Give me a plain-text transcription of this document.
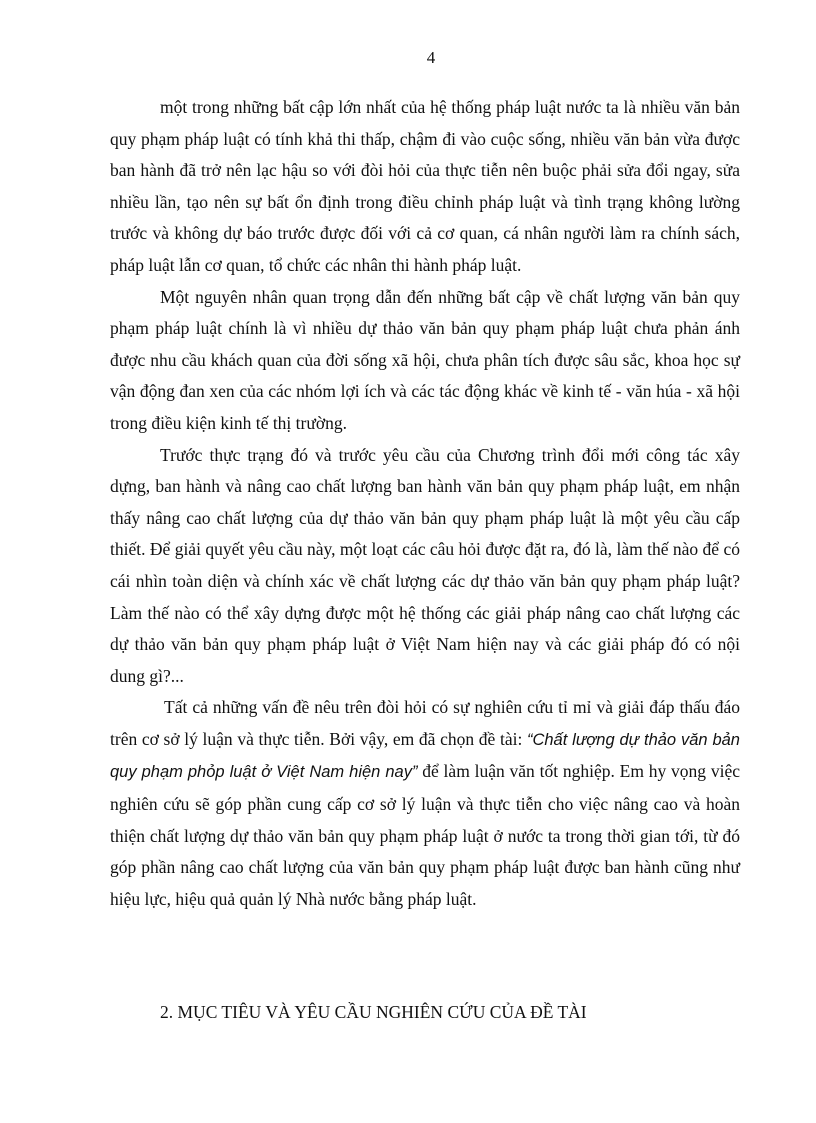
4

một trong những bất cập lớn nhất của hệ thống pháp luật nước ta là nhiều văn bản quy phạm pháp luật có tính khả thi thấp, chậm đi vào cuộc sống, nhiều văn bản vừa được ban hành đã trở nên lạc hậu so với đòi hỏi của thực tiễn nên buộc phải sửa đổi ngay, sửa nhiều lần, tạo nên sự bất ổn định trong điều chỉnh pháp luật và tình trạng không lường trước và không dự báo trước được đối với cả cơ quan, cá nhân người làm ra chính sách, pháp luật lẫn cơ quan, tổ chức các nhân thi hành pháp luật.

Một nguyên nhân quan trọng dẫn đến những bất cập về chất lượng văn bản quy phạm pháp luật chính là vì nhiều dự thảo văn bản quy phạm pháp luật chưa phản ánh được nhu cầu khách quan của đời sống xã hội, chưa phân tích được sâu sắc, khoa học sự vận động đan xen của các nhóm lợi ích và các tác động khác về kinh tế - văn húa - xã hội trong điều kiện kinh tế thị trường.

Trước thực trạng đó và trước yêu cầu của Chương trình đổi mới công tác xây dựng, ban hành và nâng cao chất lượng ban hành văn bản quy phạm pháp luật, em nhận thấy nâng cao chất lượng của dự thảo văn bản quy phạm pháp luật là một yêu cầu cấp thiết. Để giải quyết yêu cầu này, một loạt các câu hỏi được đặt ra, đó là, làm thế nào để có cái nhìn toàn diện và chính xác về chất lượng các dự thảo văn bản quy phạm pháp luật? Làm thế nào có thể xây dựng được một hệ thống các giải pháp nâng cao chất lượng các dự thảo văn bản quy phạm pháp luật ở Việt Nam hiện nay và các giải pháp đó có nội dung gì?...

Tất cả những vấn đề nêu trên đòi hỏi có sự nghiên cứu tỉ mỉ và giải đáp thấu đáo trên cơ sở lý luận và thực tiễn. Bởi vậy, em đã chọn đề tài: “Chất lượng dự thảo văn bản quy phạm phỏp luật ở Việt Nam hiện nay” để làm luận văn tốt nghiệp. Em hy vọng việc nghiên cứu sẽ góp phần cung cấp cơ sở lý luận và thực tiễn cho việc nâng cao và hoàn thiện chất lượng dự thảo văn bản quy phạm pháp luật ở nước ta trong thời gian tới, từ đó góp phần nâng cao chất lượng của văn bản quy phạm pháp luật được ban hành cũng như hiệu lực, hiệu quả quản lý Nhà nước bằng pháp luật.

2. MỤC TIÊU VÀ YÊU CẦU NGHIÊN CỨU CỦA ĐỀ TÀI
